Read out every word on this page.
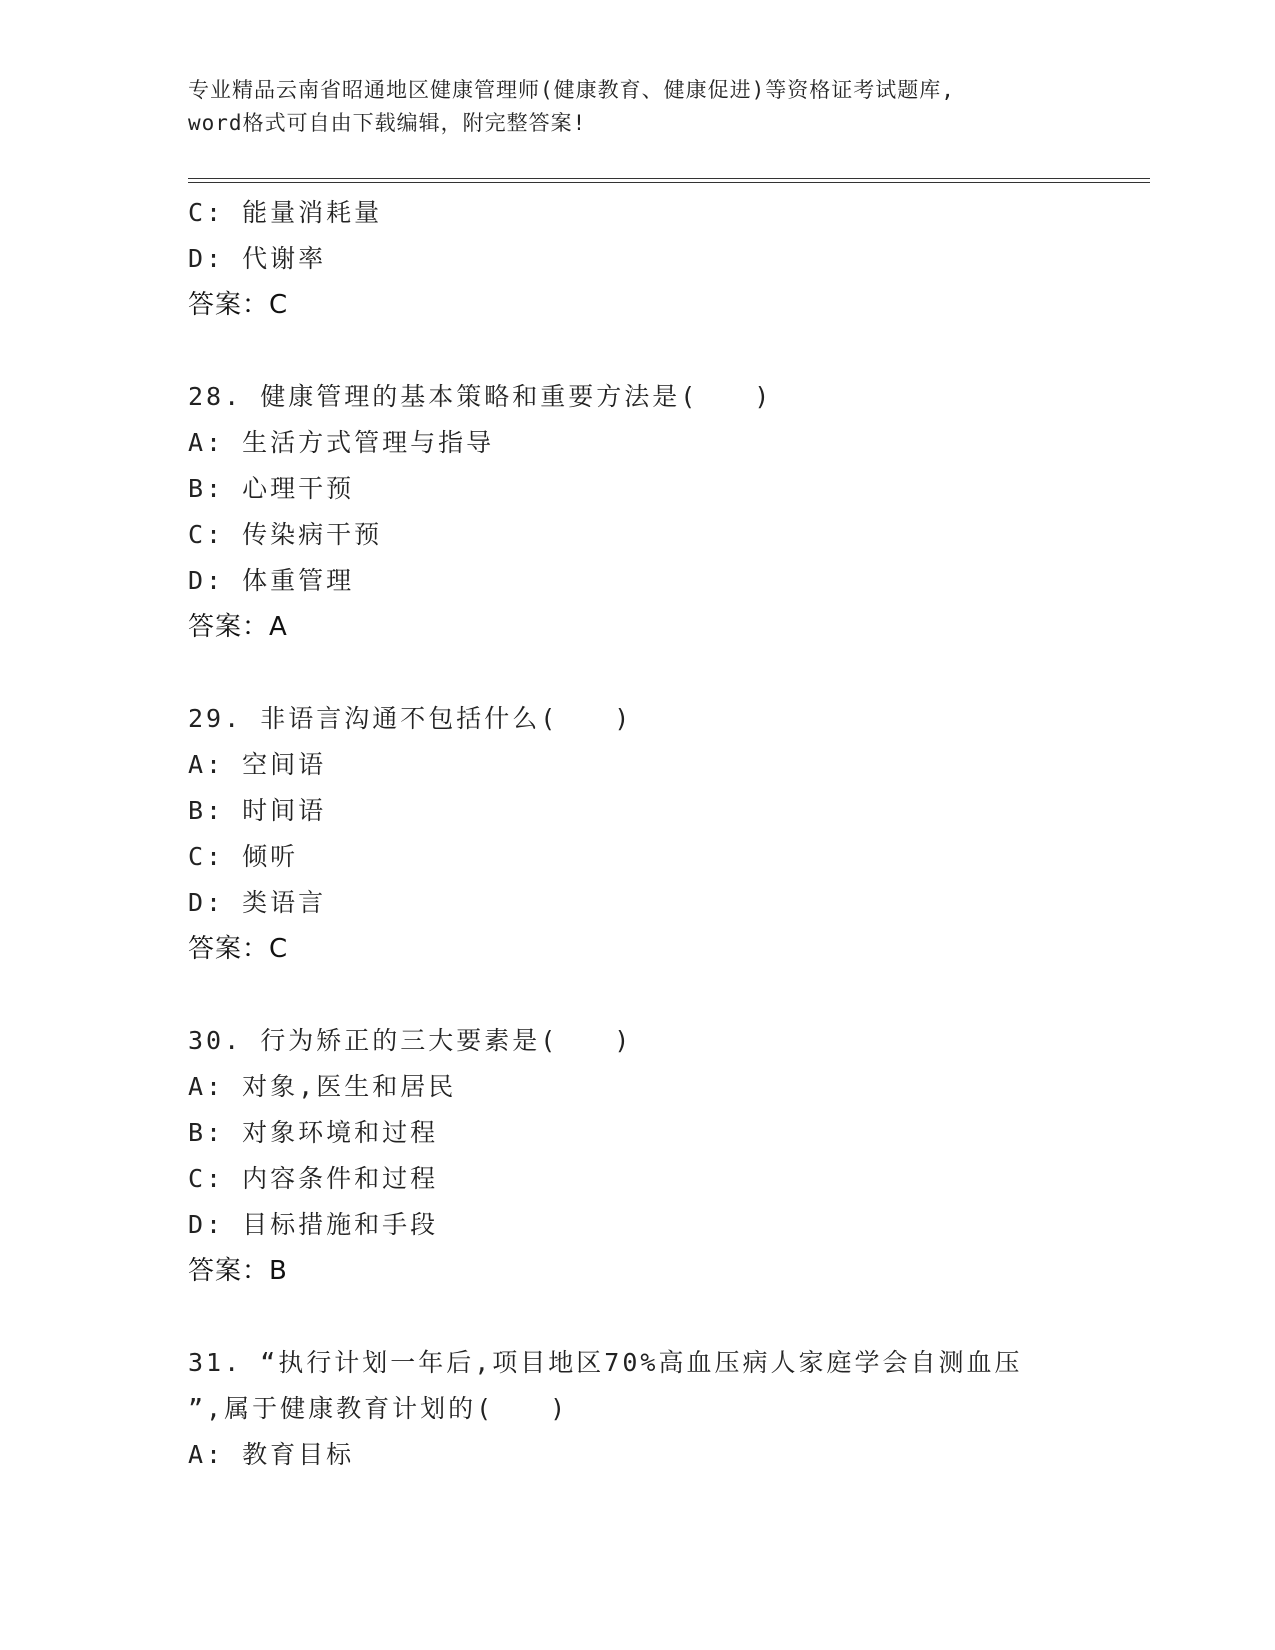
专业精品云南省昭通地区健康管理师(健康教育、健康促进)等资格证考试题库,
word格式可自由下载编辑，附完整答案!
C: 能量消耗量
D: 代谢率
答案：C
28. 健康管理的基本策略和重要方法是(　　)
A: 生活方式管理与指导
B: 心理干预
C: 传染病干预
D: 体重管理
答案：A
29. 非语言沟通不包括什么(　　)
A: 空间语
B: 时间语
C: 倾听
D: 类语言
答案：C
30. 行为矫正的三大要素是(　　)
A: 对象,医生和居民
B: 对象环境和过程
C: 内容条件和过程
D: 目标措施和手段
答案：B
31. “执行计划一年后,项目地区70%高血压病人家庭学会自测血压
”,属于健康教育计划的(　　)
A: 教育目标
